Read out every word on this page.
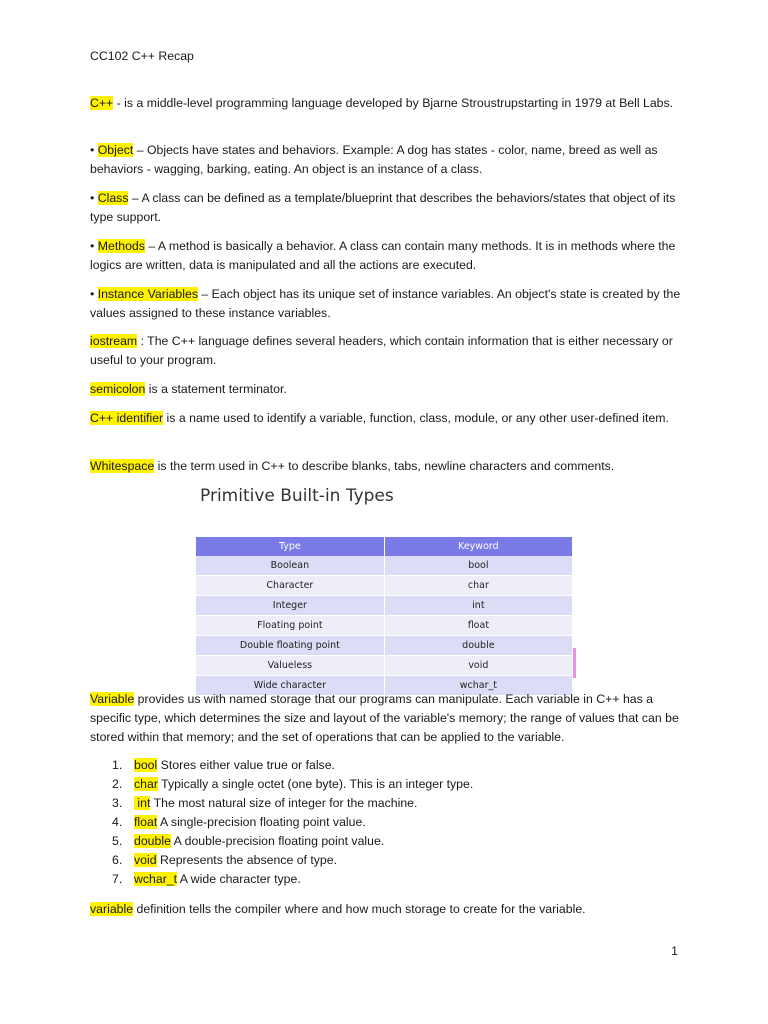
CC102 C++ Recap

C++ - is a middle-level programming language developed by Bjarne Stroustrupstarting in 1979 at Bell Labs.

• Object – Objects have states and behaviors. Example: A dog has states - color, name, breed as well as behaviors - wagging, barking, eating. An object is an instance of a class.

• Class – A class can be defined as a template/blueprint that describes the behaviors/states that object of its type support.

• Methods – A method is basically a behavior. A class can contain many methods. It is in methods where the logics are written, data is manipulated and all the actions are executed.

• Instance Variables – Each object has its unique set of instance variables. An object's state is created by the values assigned to these instance variables.

iostream : The C++ language defines several headers, which contain information that is either necessary or useful to your program.

semicolon is a statement terminator.

C++ identifier is a name used to identify a variable, function, class, module, or any other user-defined item.

Whitespace is the term used in C++ to describe blanks, tabs, newline characters and comments.

Primitive Built-in Types
Type	Keyword
Boolean	bool
Character	char
Integer	int
Floating point	float
Double floating point	double
Valueless	void
Wide character	wchar_t

Variable provides us with named storage that our programs can manipulate. Each variable in C++ has a specific type, which determines the size and layout of the variable's memory; the range of values that can be stored within that memory; and the set of operations that can be applied to the variable.

1. bool Stores either value true or false.
2. char Typically a single octet (one byte). This is an integer type.
3. int The most natural size of integer for the machine.
4. float A single-precision floating point value.
5. double A double-precision floating point value.
6. void Represents the absence of type.
7. wchar_t A wide character type.

variable definition tells the compiler where and how much storage to create for the variable.

1
